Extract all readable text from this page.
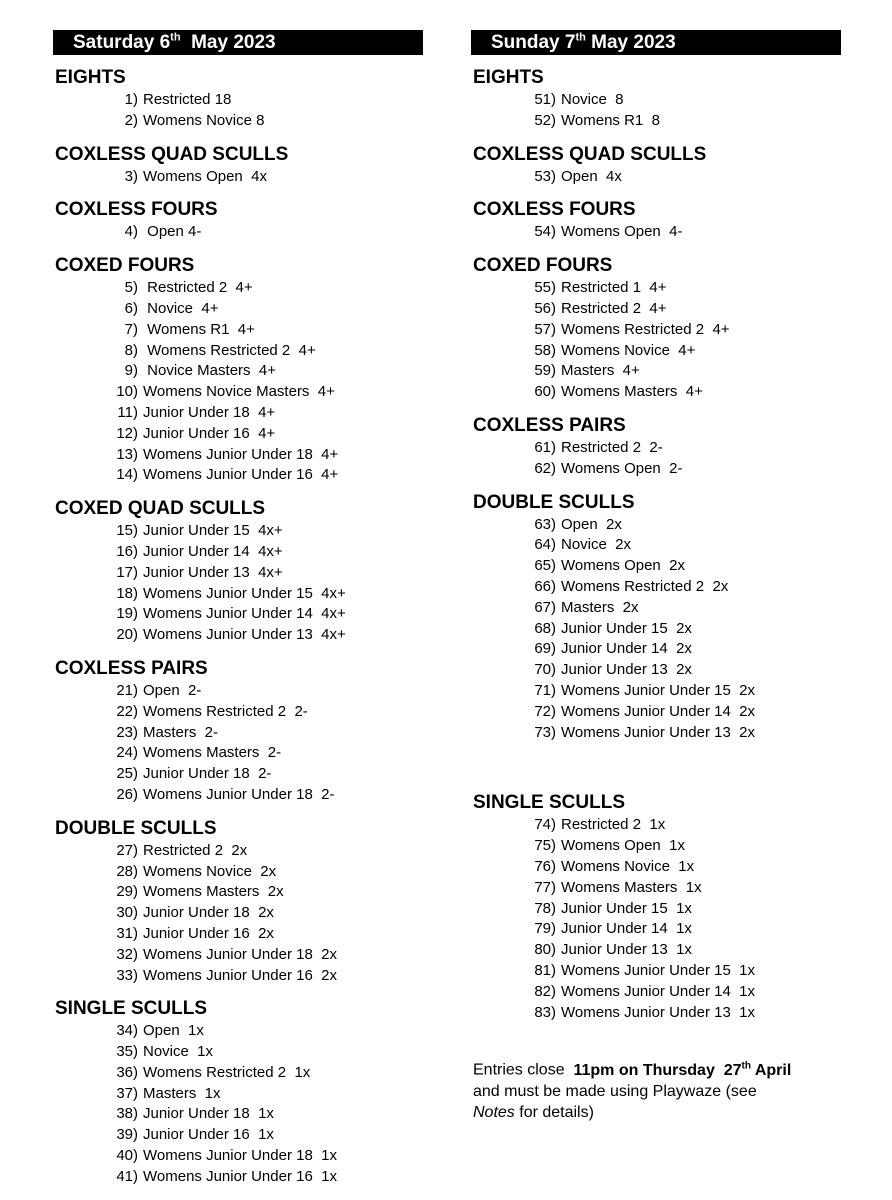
Saturday 6th  May 2023
EIGHTS
1) Restricted 18
2) Womens Novice 8
COXLESS QUAD SCULLS
3) Womens Open  4x
COXLESS FOURS
4) Open 4-
COXED FOURS
5) Restricted 2  4+
6) Novice  4+
7) Womens R1  4+
8) Womens Restricted 2  4+
9) Novice Masters  4+
10) Womens Novice Masters  4+
11) Junior Under 18  4+
12) Junior Under 16  4+
13) Womens Junior Under 18  4+
14) Womens Junior Under 16  4+
COXED QUAD SCULLS
15) Junior Under 15  4x+
16) Junior Under 14  4x+
17) Junior Under 13  4x+
18) Womens Junior Under 15  4x+
19) Womens Junior Under 14  4x+
20) Womens Junior Under 13  4x+
COXLESS PAIRS
21) Open  2-
22) Womens Restricted 2  2-
23) Masters  2-
24) Womens Masters  2-
25) Junior Under 18  2-
26) Womens Junior Under 18  2-
DOUBLE SCULLS
27) Restricted 2  2x
28) Womens Novice  2x
29) Womens Masters  2x
30) Junior Under 18  2x
31) Junior Under 16  2x
32) Womens Junior Under 18  2x
33) Womens Junior Under 16  2x
SINGLE SCULLS
34) Open  1x
35) Novice  1x
36) Womens Restricted 2  1x
37) Masters  1x
38) Junior Under 18  1x
39) Junior Under 16  1x
40) Womens Junior Under 18  1x
41) Womens Junior Under 16  1x
Sunday 7th May 2023
EIGHTS
51) Novice  8
52) Womens R1  8
COXLESS QUAD SCULLS
53) Open  4x
COXLESS FOURS
54) Womens Open  4-
COXED FOURS
55) Restricted 1  4+
56) Restricted 2  4+
57) Womens Restricted 2  4+
58) Womens Novice  4+
59) Masters  4+
60) Womens Masters  4+
COXLESS PAIRS
61) Restricted 2  2-
62) Womens Open  2-
DOUBLE SCULLS
63) Open  2x
64) Novice  2x
65) Womens Open  2x
66) Womens Restricted 2  2x
67) Masters  2x
68) Junior Under 15  2x
69) Junior Under 14  2x
70) Junior Under 13  2x
71) Womens Junior Under 15  2x
72) Womens Junior Under 14  2x
73) Womens Junior Under 13  2x
SINGLE SCULLS
74) Restricted 2  1x
75) Womens Open  1x
76) Womens Novice  1x
77) Womens Masters  1x
78) Junior Under 15  1x
79) Junior Under 14  1x
80) Junior Under 13  1x
81) Womens Junior Under 15  1x
82) Womens Junior Under 14  1x
83) Womens Junior Under 13  1x
Entries close  11pm on Thursday  27th April
and must be made using Playwaze (see
Notes for details)
